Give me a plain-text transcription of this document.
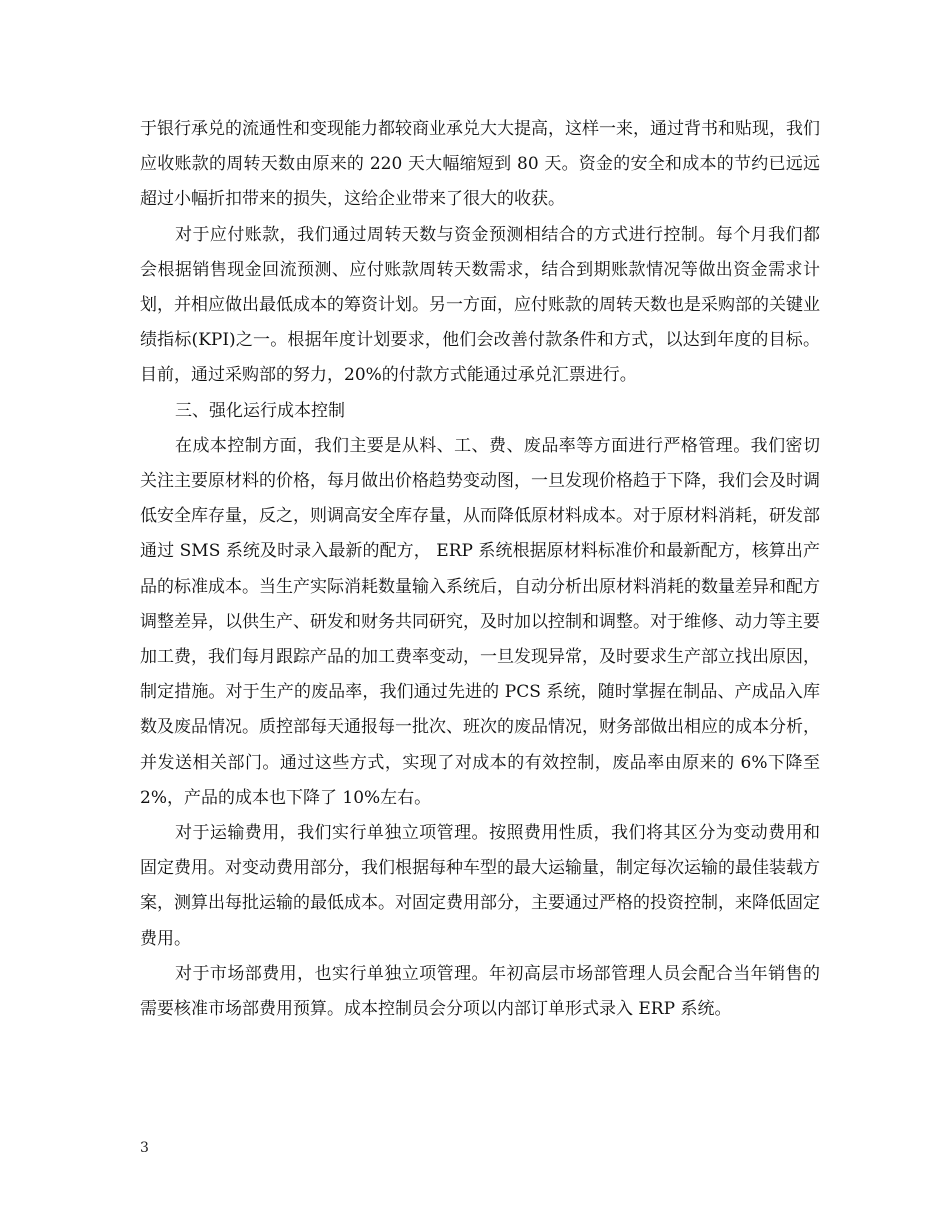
于银行承兑的流通性和变现能力都较商业承兑大大提高，这样一来，通过背书和贴现，我们应收账款的周转天数由原来的 220 天大幅缩短到 80 天。资金的安全和成本的节约已远远超过小幅折扣带来的损失，这给企业带来了很大的收获。

对于应付账款，我们通过周转天数与资金预测相结合的方式进行控制。每个月我们都会根据销售现金回流预测、应付账款周转天数需求，结合到期账款情况等做出资金需求计划，并相应做出最低成本的筹资计划。另一方面，应付账款的周转天数也是采购部的关键业绩指标(KPI)之一。根据年度计划要求，他们会改善付款条件和方式，以达到年度的目标。目前，通过采购部的努力，20%的付款方式能通过承兑汇票进行。

三、强化运行成本控制

在成本控制方面，我们主要是从料、工、费、废品率等方面进行严格管理。我们密切关注主要原材料的价格，每月做出价格趋势变动图，一旦发现价格趋于下降，我们会及时调低安全库存量，反之，则调高安全库存量，从而降低原材料成本。对于原材料消耗，研发部通过 SMS 系统及时录入最新的配方， ERP 系统根据原材料标准价和最新配方，核算出产品的标准成本。当生产实际消耗数量输入系统后，自动分析出原材料消耗的数量差异和配方调整差异，以供生产、研发和财务共同研究，及时加以控制和调整。对于维修、动力等主要加工费，我们每月跟踪产品的加工费率变动，一旦发现异常，及时要求生产部立找出原因，制定措施。对于生产的废品率，我们通过先进的 PCS 系统，随时掌握在制品、产成品入库数及废品情况。质控部每天通报每一批次、班次的废品情况，财务部做出相应的成本分析，并发送相关部门。通过这些方式，实现了对成本的有效控制，废品率由原来的 6%下降至 2%，产品的成本也下降了 10%左右。

对于运输费用，我们实行单独立项管理。按照费用性质，我们将其区分为变动费用和固定费用。对变动费用部分，我们根据每种车型的最大运输量，制定每次运输的最佳装载方案，测算出每批运输的最低成本。对固定费用部分，主要通过严格的投资控制，来降低固定费用。

对于市场部费用，也实行单独立项管理。年初高层市场部管理人员会配合当年销售的需要核准市场部费用预算。成本控制员会分项以内部订单形式录入 ERP 系统。

3
